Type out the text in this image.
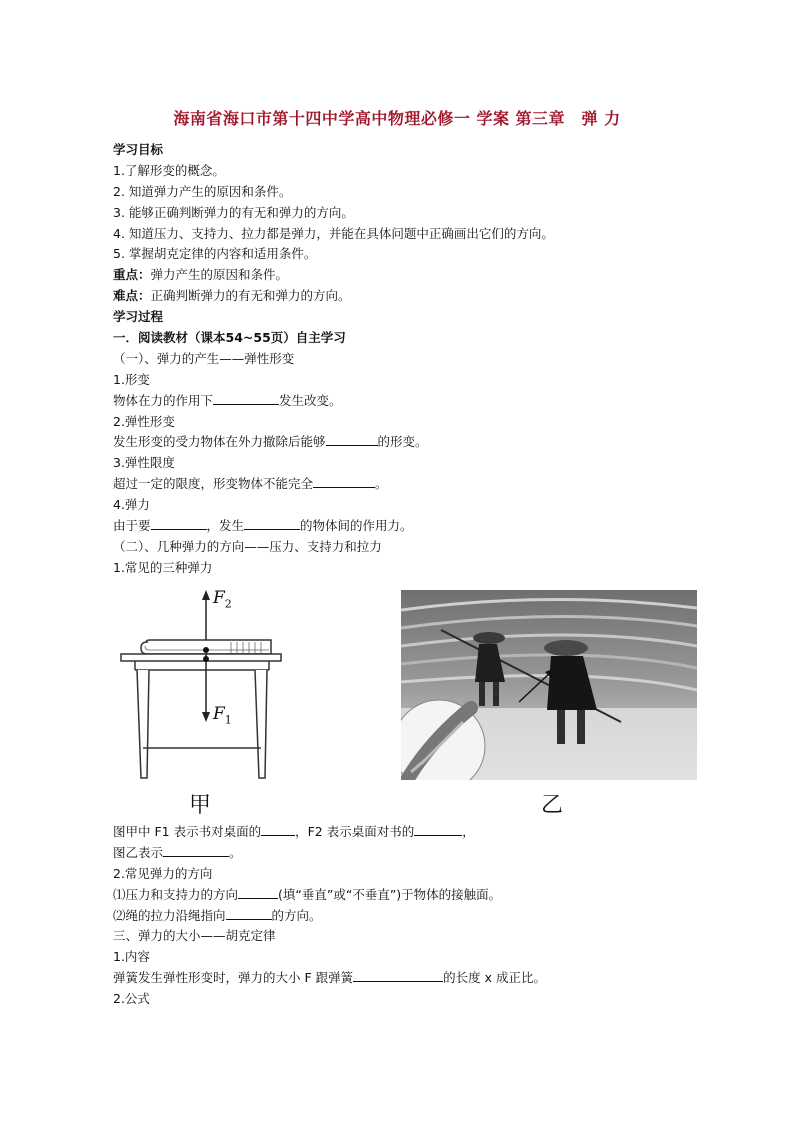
海南省海口市第十四中学高中物理必修一 学案 第三章　弹 力
学习目标
1.了解形变的概念。
2. 知道弹力产生的原因和条件。
3. 能够正确判断弹力的有无和弹力的方向。
4. 知道压力、支持力、拉力都是弹力，并能在具体问题中正确画出它们的方向。
5. 掌握胡克定律的内容和适用条件。
重点：弹力产生的原因和条件。
难点：正确判断弹力的有无和弹力的方向。
学习过程
一．阅读教材（课本54~55页）自主学习
（一）、弹力的产生——弹性形变
1.形变
物体在力的作用下	发生改变。
2.弹性形变
发生形变的受力物体在外力撤除后能够	的形变。
3.弹性限度
超过一定的限度，形变物体不能完全	。
4.弹力
由于要	，发生	的物体间的作用力。
（二）、几种弹力的方向——压力、支持力和拉力
1.常见的三种弹力
$F_2$
$F_1$
甲	乙
图甲中 F1 表示书对桌面的	，F2 表示桌面对书的	，
图乙表示	。
2.常见弹力的方向
⑴压力和支持力的方向	(填“垂直”或“不垂直”)于物体的接触面。
⑵绳的拉力沿绳指向	的方向。
三、弹力的大小——胡克定律
1.内容
弹簧发生弹性形变时，弹力的大小 F 跟弹簧	的长度 x 成正比。
2.公式
